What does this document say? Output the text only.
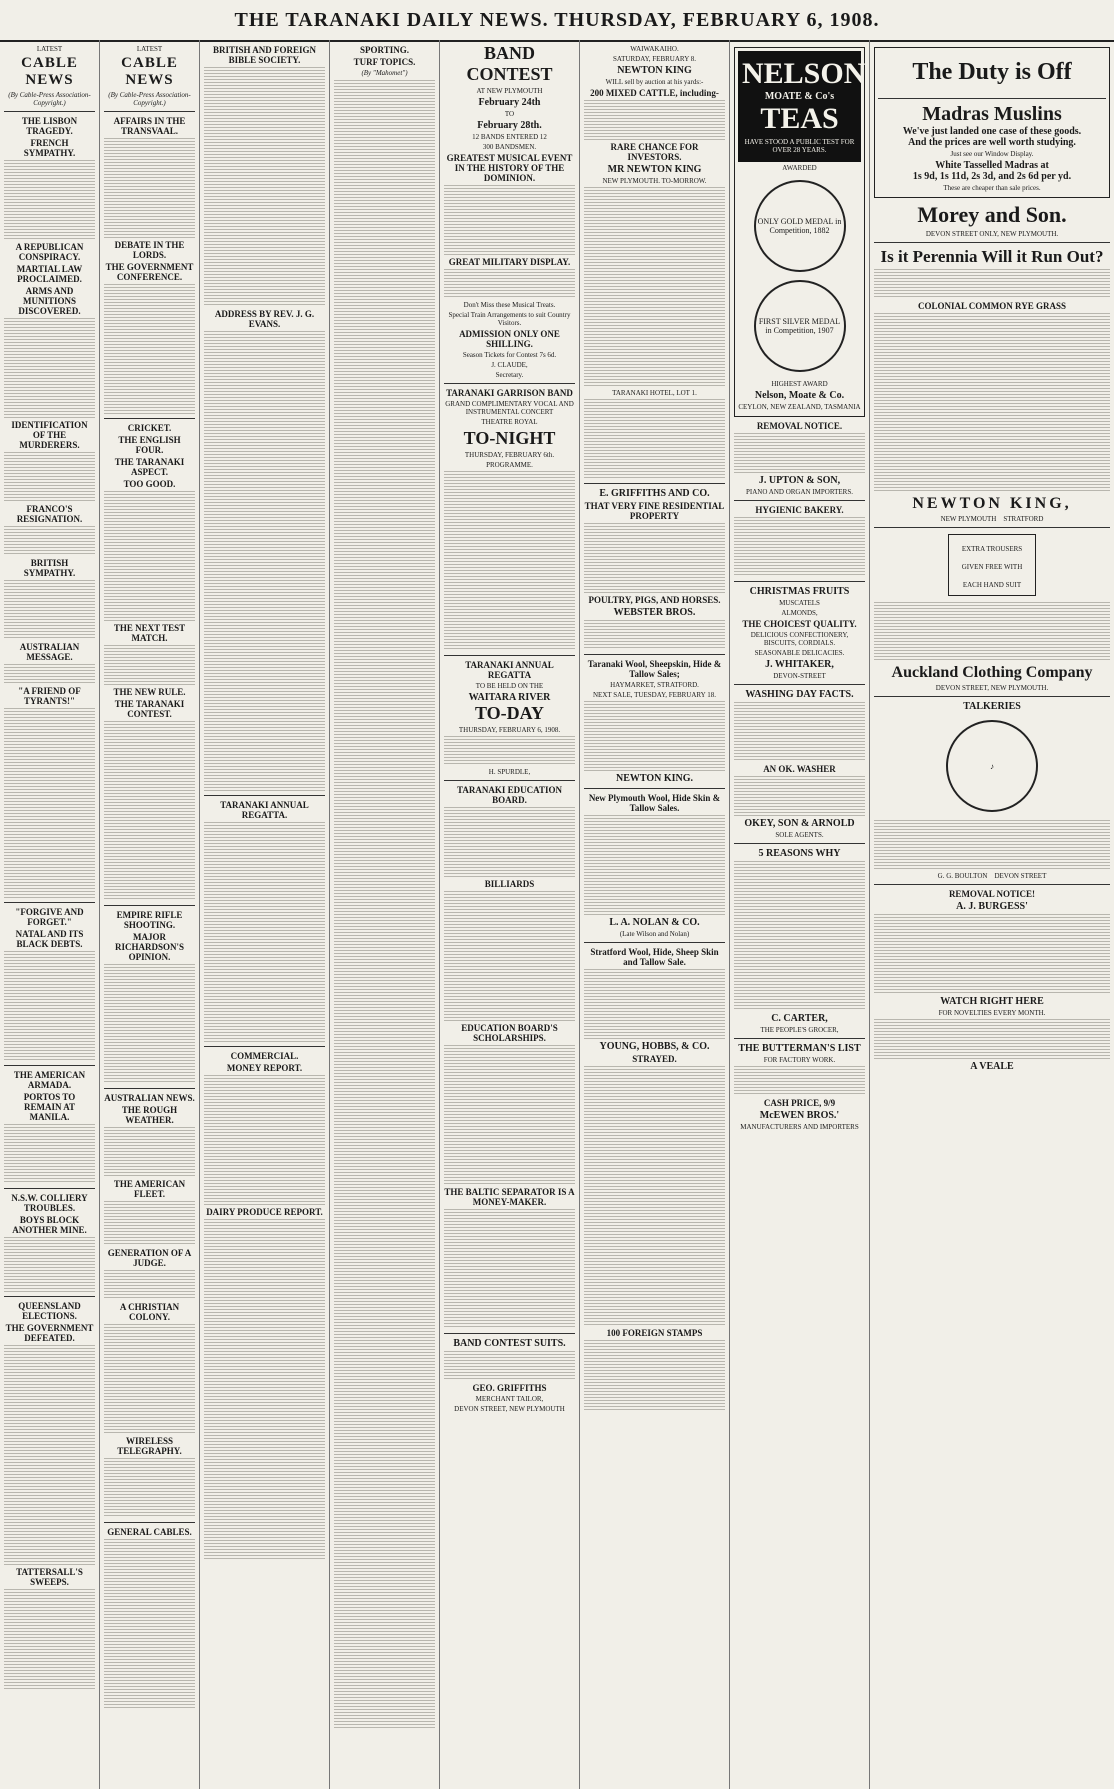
THE TARANAKI DAILY NEWS. THURSDAY, FEBRUARY 6, 1908.
LATEST
CABLE NEWS
(By Cable-Press Association-Copyright.)
THE LISBON TRAGEDY.
FRENCH SYMPATHY.
A REPUBLICAN CONSPIRACY.
MARTIAL LAW PROCLAIMED.
ARMS AND MUNITIONS DISCOVERED.
IDENTIFICATION OF THE MURDERERS.
FRANCO'S RESIGNATION.
BRITISH SYMPATHY.
AUSTRALIAN MESSAGE.
"A FRIEND OF TYRANTS!"
"FORGIVE AND FORGET."
NATAL AND ITS BLACK DEBTS.
THE AMERICAN ARMADA.
PORTOS TO REMAIN AT MANILA.
N.S.W. COLLIERY TROUBLES.
BOYS BLOCK ANOTHER MINE.
QUEENSLAND ELECTIONS.
THE GOVERNMENT DEFEATED.
TATTERSALL'S SWEEPS.
LATEST
CABLE NEWS
(By Cable-Press Association-Copyright.)
AFFAIRS IN THE TRANSVAAL.
DEBATE IN THE LORDS.
THE GOVERNMENT CONFERENCE.
CRICKET.
THE ENGLISH FOUR.
THE TARANAKI ASPECT.
TOO GOOD.
THE NEXT TEST MATCH.
THE NEW RULE.
THE TARANAKI CONTEST.
EMPIRE RIFLE SHOOTING.
MAJOR RICHARDSON'S OPINION.
AUSTRALIAN NEWS.
THE ROUGH WEATHER.
THE AMERICAN FLEET.
GENERATION OF A JUDGE.
A CHRISTIAN COLONY.
WIRELESS TELEGRAPHY.
GENERAL CABLES.
BRITISH AND FOREIGN BIBLE SOCIETY.
ADDRESS BY REV. J. G. EVANS.
TARANAKI ANNUAL REGATTA.
COMMERCIAL.
MONEY REPORT.
DAIRY PRODUCE REPORT.
SPORTING.
TURF TOPICS.
(By "Mahomet")
BAND
CONTEST
AT NEW PLYMOUTH
February 24th
TO
February 28th.
12 BANDS ENTERED 12
300 BANDSMEN.
GREATEST MUSICAL EVENT IN THE HISTORY OF THE DOMINION.
GREAT MILITARY DISPLAY.
Don't Miss these Musical Treats.
Special Train Arrangements to suit Country Visitors.
ADMISSION ONLY ONE SHILLING.
Season Tickets for Contest 7s 6d.
J. CLAUDE,
Secretary.
TARANAKI GARRISON BAND
GRAND COMPLIMENTARY VOCAL AND INSTRUMENTAL CONCERT
THEATRE ROYAL
TO-NIGHT
THURSDAY, FEBRUARY 6th.
PROGRAMME.
TARANAKI ANNUAL REGATTA
TO BE HELD ON THE
WAITARA RIVER
TO-DAY
THURSDAY, FEBRUARY 6, 1908.
H. SPURDLE,
TARANAKI EDUCATION BOARD.
BILLIARDS
EDUCATION BOARD'S SCHOLARSHIPS.
THE BALTIC SEPARATOR IS A MONEY-MAKER.
BAND CONTEST SUITS.
GEO. GRIFFITHS
MERCHANT TAILOR,
DEVON STREET, NEW PLYMOUTH
WAIWAKAIHO.
SATURDAY, FEBRUARY 8.
NEWTON KING
WILL sell by auction at his yards:-
200 MIXED CATTLE, including-
RARE CHANCE FOR INVESTORS.
MR NEWTON KING
NEW PLYMOUTH. TO-MORROW.
TARANAKI HOTEL, LOT 1.
E. GRIFFITHS AND CO.
THAT VERY FINE RESIDENTIAL PROPERTY
POULTRY, PIGS, AND HORSES.
WEBSTER BROS.
Taranaki Wool, Sheepskin, Hide & Tallow Sales;
HAYMARKET, STRATFORD.
NEXT SALE, TUESDAY, FEBRUARY 18.
NEWTON KING.
New Plymouth Wool, Hide Skin & Tallow Sales.
L. A. NOLAN & CO.
(Late Wilson and Nolan)
Stratford Wool, Hide, Sheep Skin and Tallow Sale.
YOUNG, HOBBS, & CO.
STRAYED.
100 FOREIGN STAMPS
NELSON
MOATE & Co's
TEAS
HAVE STOOD A PUBLIC TEST FOR OVER 28 YEARS.
AWARDED
ONLY GOLD MEDAL in Competition, 1882
FIRST SILVER MEDAL in Competition, 1907
HIGHEST AWARD
Nelson, Moate & Co.
CEYLON, NEW ZEALAND, TASMANIA
REMOVAL NOTICE.
J. UPTON & SON,
PIANO AND ORGAN IMPORTERS.
HYGIENIC BAKERY.
CHRISTMAS FRUITS
MUSCATELS
ALMONDS,
THE CHOICEST QUALITY.
DELICIOUS CONFECTIONERY, BISCUITS, CORDIALS.
SEASONABLE DELICACIES.
J. WHITAKER,
DEVON-STREET
WASHING DAY FACTS.
AN OK. WASHER
OKEY, SON & ARNOLD
SOLE AGENTS.
5 REASONS WHY
C. CARTER,
THE PEOPLE'S GROCER,
THE BUTTERMAN'S LIST
FOR FACTORY WORK.
CASH PRICE, 9/9
McEWEN BROS.'
MANUFACTURERS AND IMPORTERS
The Duty is Off
Madras Muslins
We've just landed one case of these goods.
And the prices are well worth studying.
Just see our Window Display.
White Tasselled Madras at
1s 9d, 1s 11d, 2s 3d, and 2s 6d per yd.
These are cheaper than sale prices.
Morey and Son.
DEVON STREET ONLY, NEW PLYMOUTH.
Is it Perennia Will it Run Out?
COLONIAL COMMON RYE GRASS
NEWTON KING,
NEW PLYMOUTH STRATFORD
EXTRA TROUSERS GIVEN FREE WITH EACH HAND SUIT
Auckland Clothing Company
DEVON STREET, NEW PLYMOUTH.
TALKERIES
♪
G. G. BOULTON DEVON STREET
REMOVAL NOTICE!
A. J. BURGESS'
WATCH RIGHT HERE
FOR NOVELTIES EVERY MONTH.
A VEALE
